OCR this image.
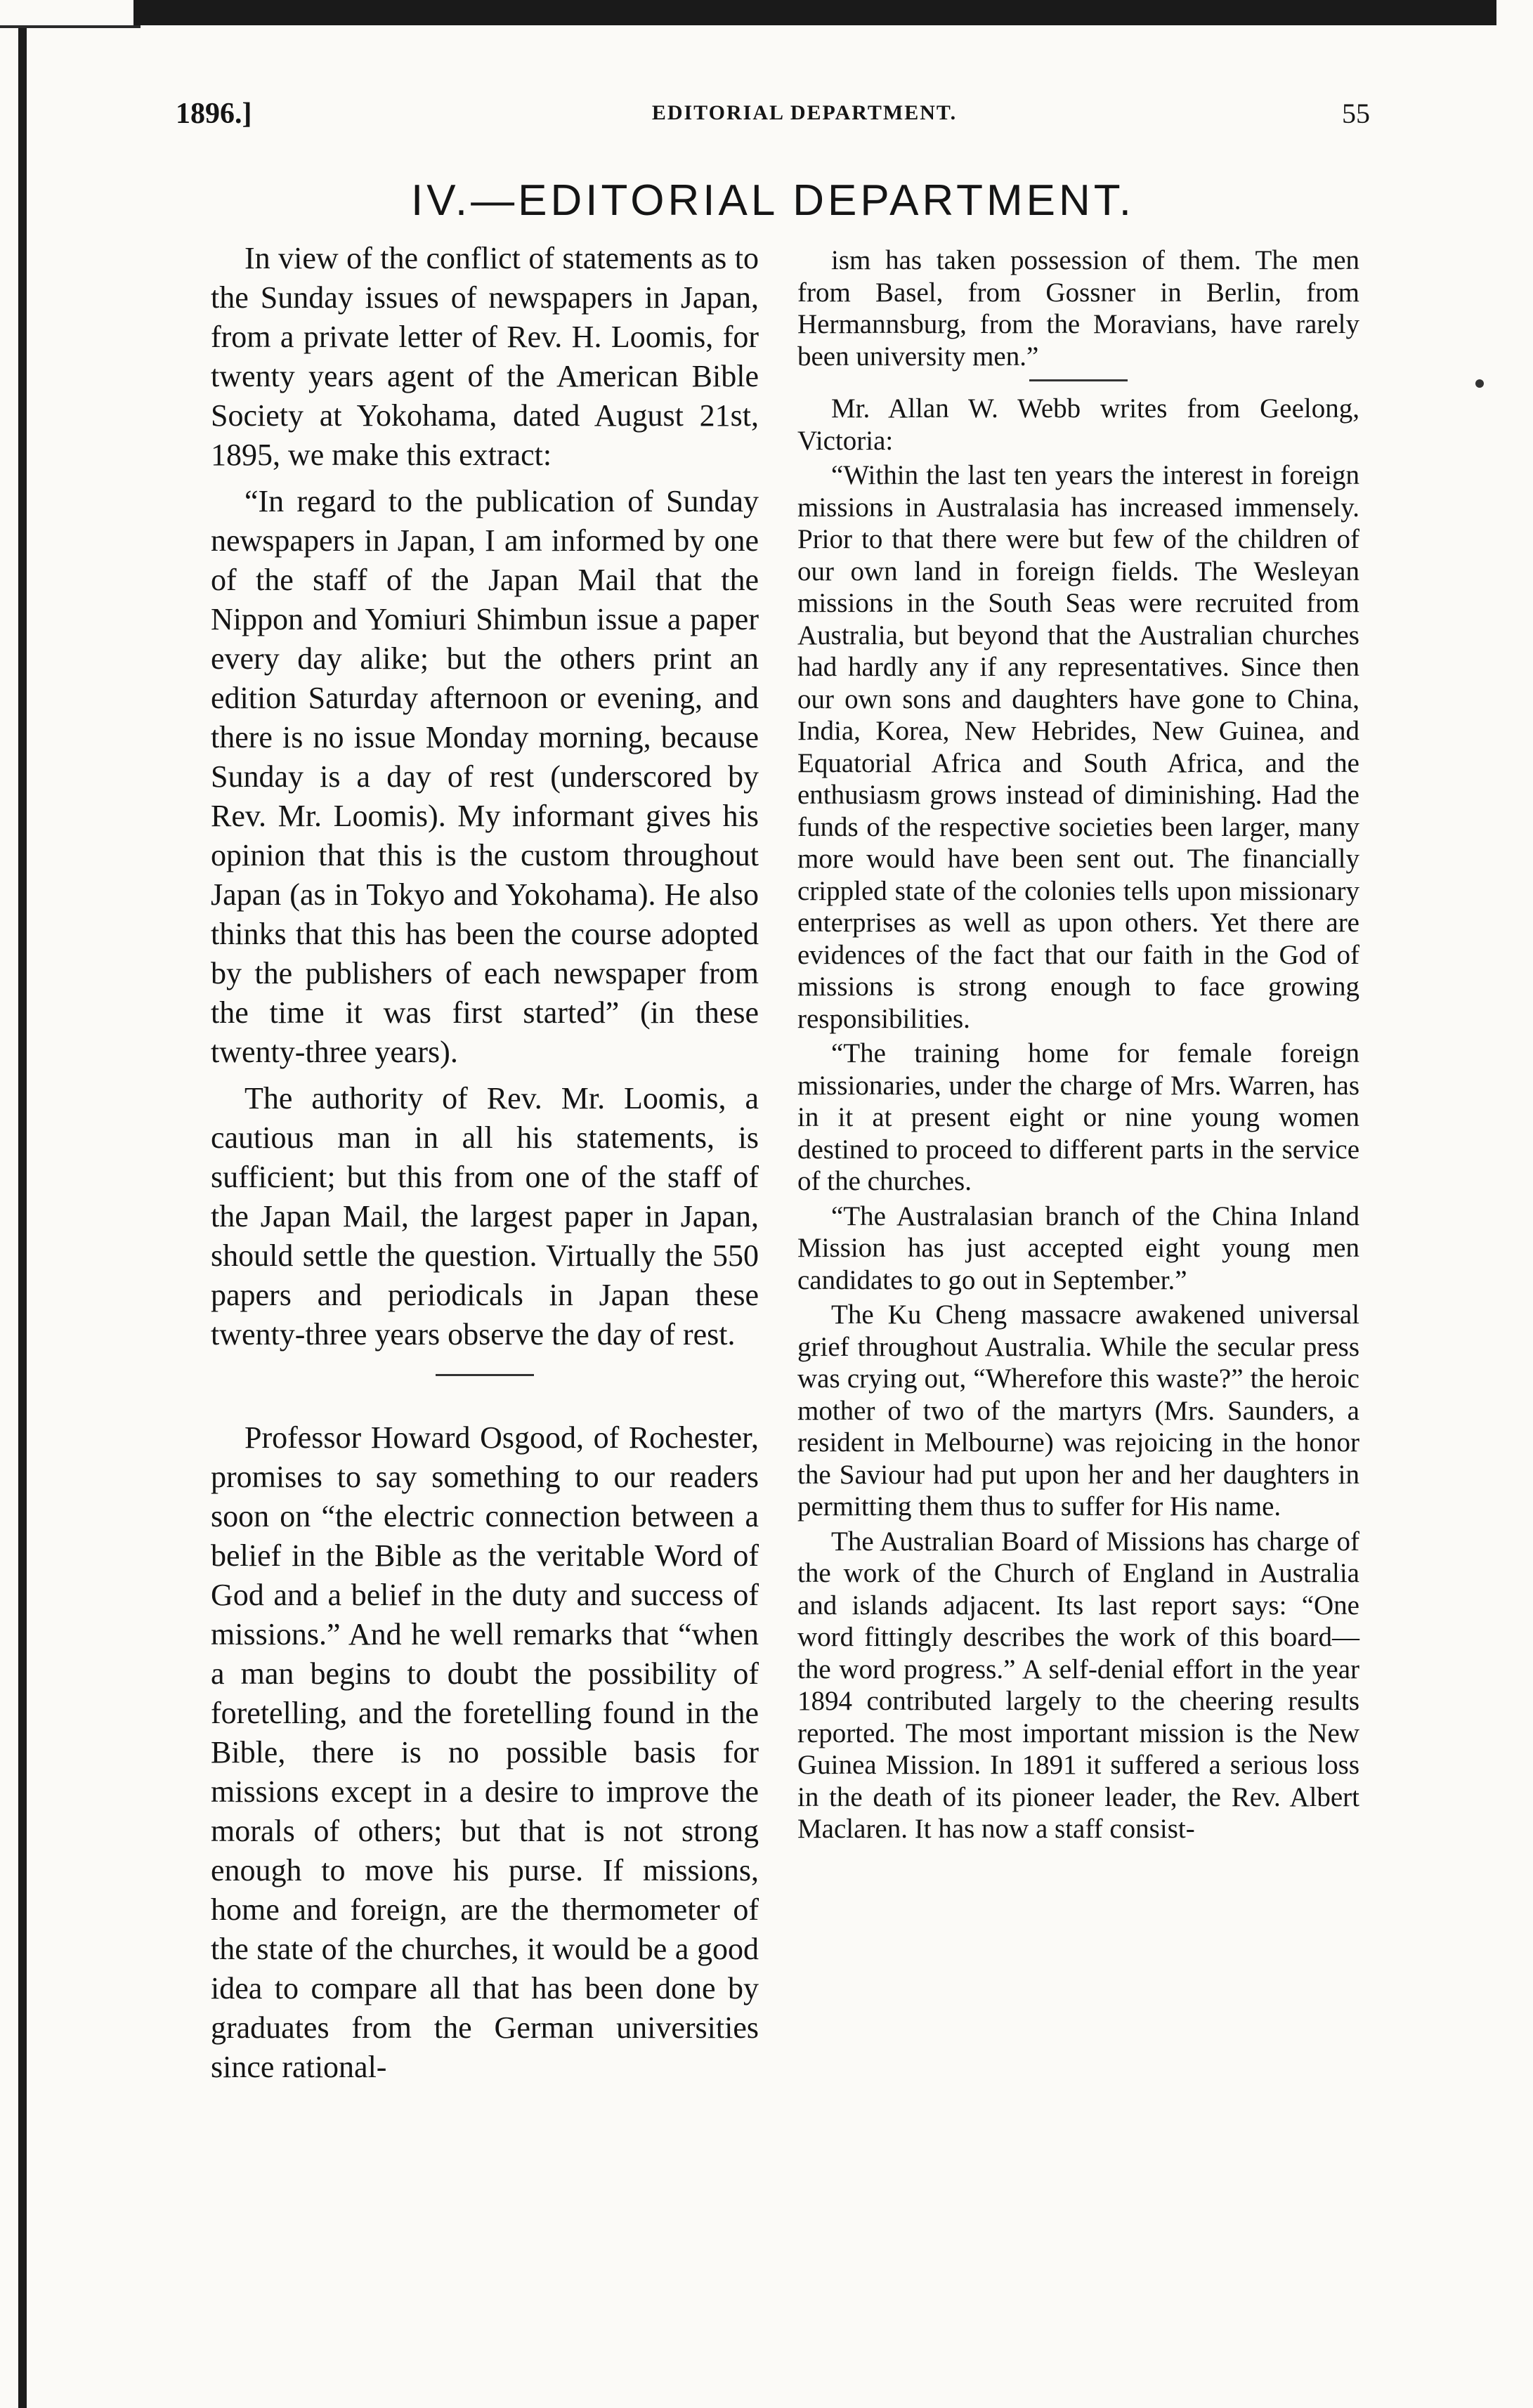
1896.]	EDITORIAL DEPARTMENT.	55
IV.—EDITORIAL DEPARTMENT.

In view of the conflict of statements as to the Sunday issues of newspapers in Japan, from a private letter of Rev. H. Loomis, for twenty years agent of the American Bible Society at Yokohama, dated August 21st, 1895, we make this extract:

“In regard to the publication of Sunday newspapers in Japan, I am informed by one of the staff of the Japan Mail that the Nippon and Yomiuri Shimbun issue a paper every day alike; but the others print an edition Saturday afternoon or evening, and there is no issue Monday morning, because Sunday is a day of rest (underscored by Rev. Mr. Loomis). My informant gives his opinion that this is the custom throughout Japan (as in Tokyo and Yokohama). He also thinks that this has been the course adopted by the publishers of each newspaper from the time it was first started” (in these twenty-three years).

The authority of Rev. Mr. Loomis, a cautious man in all his statements, is sufficient; but this from one of the staff of the Japan Mail, the largest paper in Japan, should settle the question. Virtually the 550 papers and periodicals in Japan these twenty-three years observe the day of rest.

Professor Howard Osgood, of Rochester, promises to say something to our readers soon on “the electric connection between a belief in the Bible as the veritable Word of God and a belief in the duty and success of missions.” And he well remarks that “when a man begins to doubt the possibility of foretelling, and the foretelling found in the Bible, there is no possible basis for missions except in a desire to improve the morals of others; but that is not strong enough to move his purse. If missions, home and foreign, are the thermometer of the state of the churches, it would be a good idea to compare all that has been done by graduates from the German universities since rational-

ism has taken possession of them. The men from Basel, from Gossner in Berlin, from Hermannsburg, from the Moravians, have rarely been university men.”

Mr. Allan W. Webb writes from Geelong, Victoria:

“Within the last ten years the interest in foreign missions in Australasia has increased immensely. Prior to that there were but few of the children of our own land in foreign fields. The Wesleyan missions in the South Seas were recruited from Australia, but beyond that the Australian churches had hardly any if any representatives. Since then our own sons and daughters have gone to China, India, Korea, New Hebrides, New Guinea, and Equatorial Africa and South Africa, and the enthusiasm grows instead of diminishing. Had the funds of the respective societies been larger, many more would have been sent out. The financially crippled state of the colonies tells upon missionary enterprises as well as upon others. Yet there are evidences of the fact that our faith in the God of missions is strong enough to face growing responsibilities.

“The training home for female foreign missionaries, under the charge of Mrs. Warren, has in it at present eight or nine young women destined to proceed to different parts in the service of the churches.

“The Australasian branch of the China Inland Mission has just accepted eight young men candidates to go out in September.”

The Ku Cheng massacre awakened universal grief throughout Australia. While the secular press was crying out, “Wherefore this waste?” the heroic mother of two of the martyrs (Mrs. Saunders, a resident in Melbourne) was rejoicing in the honor the Saviour had put upon her and her daughters in permitting them thus to suffer for His name.

The Australian Board of Missions has charge of the work of the Church of England in Australia and islands adjacent. Its last report says: “One word fittingly describes the work of this board—the word progress.” A self-denial effort in the year 1894 contributed largely to the cheering results reported. The most important mission is the New Guinea Mission. In 1891 it suffered a serious loss in the death of its pioneer leader, the Rev. Albert Maclaren. It has now a staff consist-
